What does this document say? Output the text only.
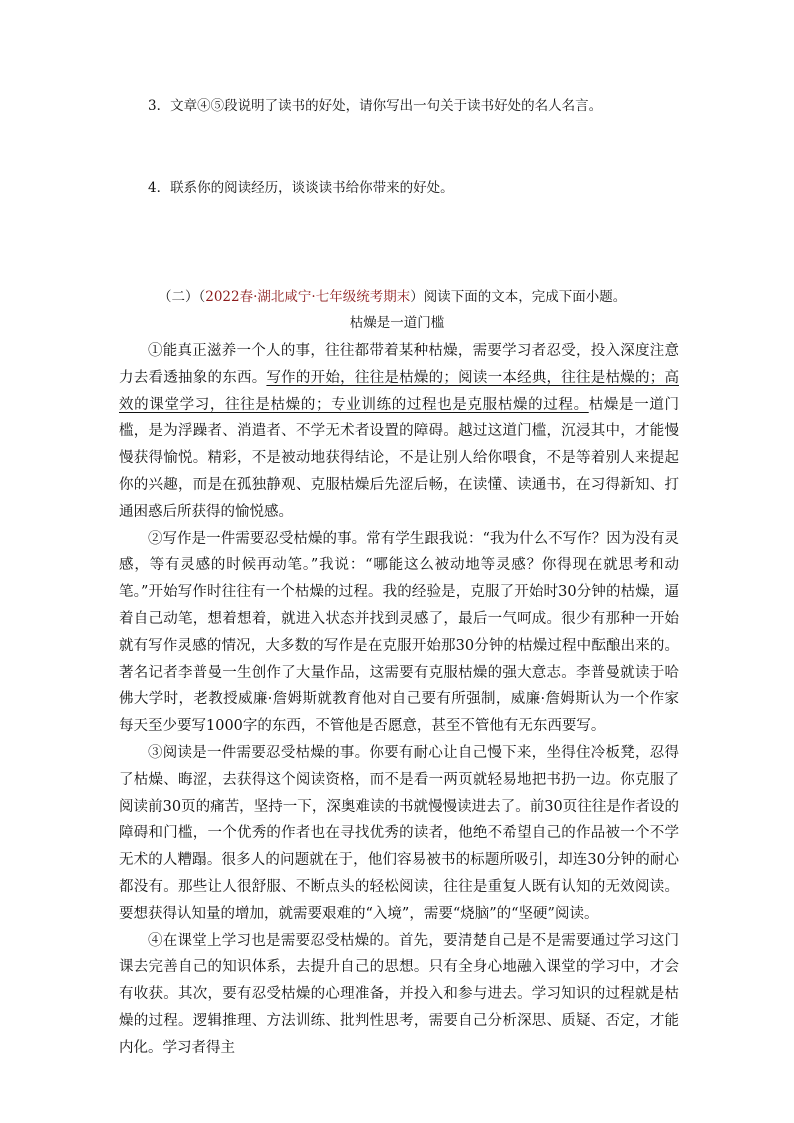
3．文章④⑤段说明了读书的好处，请你写出一句关于读书好处的名人名言。
4．联系你的阅读经历，谈谈读书给你带来的好处。
（二）（2022春·湖北咸宁·七年级统考期末）阅读下面的文本，完成下面小题。
枯燥是一道门槛

①能真正滋养一个人的事，往往都带着某种枯燥，需要学习者忍受，投入深度注意力去看透抽象的东西。写作的开始，往往是枯燥的；阅读一本经典，往往是枯燥的；高效的课堂学习，往往是枯燥的；专业训练的过程也是克服枯燥的过程。枯燥是一道门槛，是为浮躁者、消遣者、不学无术者设置的障碍。越过这道门槛，沉浸其中，才能慢慢获得愉悦。精彩，不是被动地获得结论，不是让别人给你喂食，不是等着别人来提起你的兴趣，而是在孤独静观、克服枯燥后先涩后畅，在读懂、读通书，在习得新知、打通困惑后所获得的愉悦感。

②写作是一件需要忍受枯燥的事。常有学生跟我说：“我为什么不写作？因为没有灵感，等有灵感的时候再动笔。”我说：“哪能这么被动地等灵感？你得现在就思考和动笔。”开始写作时往往有一个枯燥的过程。我的经验是，克服了开始时30分钟的枯燥，逼着自己动笔，想着想着，就进入状态并找到灵感了，最后一气呵成。很少有那种一开始就有写作灵感的情况，大多数的写作是在克服开始那30分钟的枯燥过程中酝酿出来的。著名记者李普曼一生创作了大量作品，这需要有克服枯燥的强大意志。李普曼就读于哈佛大学时，老教授威廉·詹姆斯就教育他对自己要有所强制，威廉·詹姆斯认为一个作家每天至少要写1000字的东西，不管他是否愿意，甚至不管他有无东西要写。

③阅读是一件需要忍受枯燥的事。你要有耐心让自己慢下来，坐得住冷板凳，忍得了枯燥、晦涩，去获得这个阅读资格，而不是看一两页就轻易地把书扔一边。你克服了阅读前30页的痛苦，坚持一下，深奥难读的书就慢慢读进去了。前30页往往是作者设的障碍和门槛，一个优秀的作者也在寻找优秀的读者，他绝不希望自己的作品被一个不学无术的人糟蹋。很多人的问题就在于，他们容易被书的标题所吸引，却连30分钟的耐心都没有。那些让人很舒服、不断点头的轻松阅读，往往是重复人既有认知的无效阅读。要想获得认知量的增加，就需要艰难的“入境”，需要“烧脑”的“坚硬”阅读。

④在课堂上学习也是需要忍受枯燥的。首先，要清楚自己是不是需要通过学习这门课去完善自己的知识体系，去提升自己的思想。只有全身心地融入课堂的学习中，才会有收获。其次，要有忍受枯燥的心理准备，并投入和参与进去。学习知识的过程就是枯燥的过程。逻辑推理、方法训练、批判性思考，需要自己分析深思、质疑、否定，才能内化。学习者得主
